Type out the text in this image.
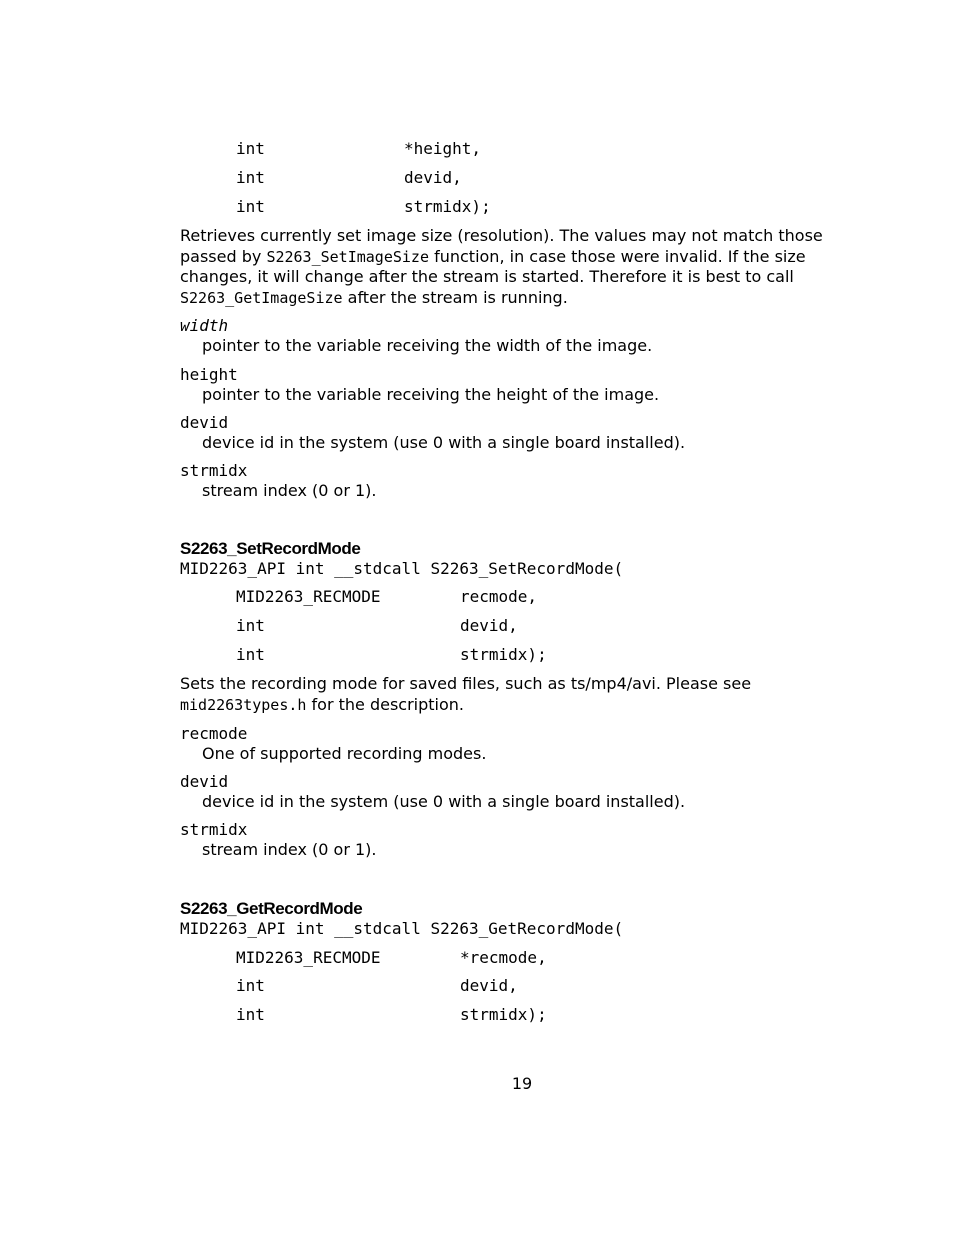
int	*height,
int	devid,
int	strmidx);
Retrieves currently set image size (resolution). The values may not match those passed by S2263_SetImageSize function, in case those were invalid. If the size changes, it will change after the stream is started. Therefore it is best to call S2263_GetImageSize after the stream is running.
width
pointer to the variable receiving the width of the image.
height
pointer to the variable receiving the height of the image.
devid
device id in the system (use 0 with a single board installed).
strmidx
stream index (0 or 1).
S2263_SetRecordMode
MID2263_API int __stdcall S2263_SetRecordMode(
MID2263_RECMODE	recmode,
int	devid,
int	strmidx);
Sets the recording mode for saved files, such as ts/mp4/avi. Please see mid2263types.h for the description.
recmode
One of supported recording modes.
devid
device id in the system (use 0 with a single board installed).
strmidx
stream index (0 or 1).
S2263_GetRecordMode
MID2263_API int __stdcall S2263_GetRecordMode(
MID2263_RECMODE	*recmode,
int	devid,
int	strmidx);
19
